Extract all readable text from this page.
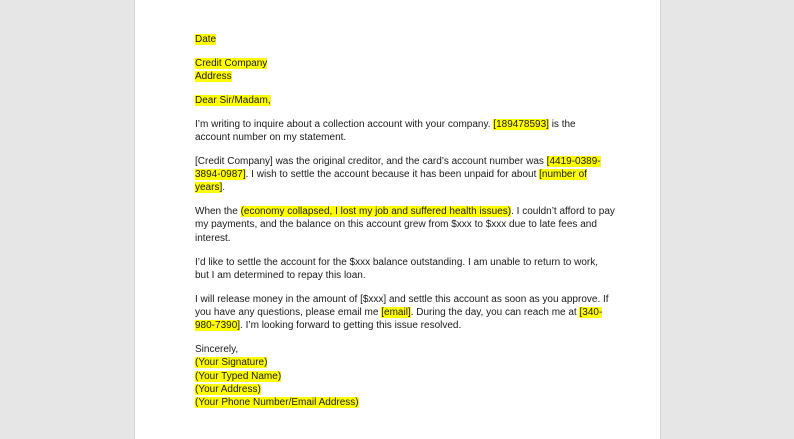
Date
Credit Company
Address
Dear Sir/Madam,
I’m writing to inquire about a collection account with your company. [189478593] is the
account number on my statement.
[Credit Company] was the original creditor, and the card’s account number was [4419-0389-
3894-0987]. I wish to settle the account because it has been unpaid for about [number of
years].
When the (economy collapsed, I lost my job and suffered health issues). I couldn’t afford to pay
my payments, and the balance on this account grew from $xxx to $xxx due to late fees and
interest.
I’d like to settle the account for the $xxx balance outstanding. I am unable to return to work,
but I am determined to repay this loan.
I will release money in the amount of [$xxx] and settle this account as soon as you approve. If
you have any questions, please email me [email]. During the day, you can reach me at [340-
980-7390]. I’m looking forward to getting this issue resolved.
Sincerely,
(Your Signature)
(Your Typed Name)
(Your Address)
(Your Phone Number/Email Address)
